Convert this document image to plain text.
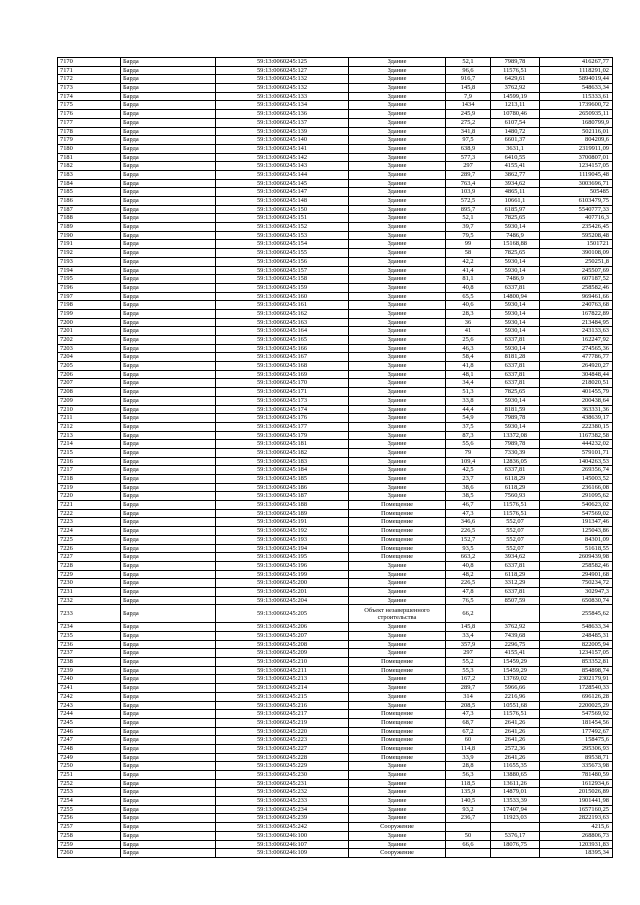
7170	Барда	59:13:0060245:125	Здание	52,1	7989,78	416267,77
7171	Барда	59:13:0060245:127	Здание	96,6	11576,51	1118291,02
7172	Барда	59:13:0060245:132	Здание	916,7	6429,61	5894019,44
7173	Барда	59:13:0060245:132	Здание	145,8	3762,92	548633,34
7174	Барда	59:13:0060245:133	Здание	7,9	14599,19	115333,61
7175	Барда	59:13:0060245:134	Здание	1434	1213,11	1739600,72
7176	Барда	59:13:0060245:136	Здание	245,9	10780,46	2650935,11
7177	Барда	59:13:0060245:137	Здание	275,2	6107,54	1680799,9
7178	Барда	59:13:0060245:139	Здание	341,8	1480,72	502116,01
7179	Барда	59:13:0060245:140	Здание	97,5	6601,37	804209,6
7180	Барда	59:13:0060245:141	Здание	638,9	3631,1	2319911,09
7181	Барда	59:13:0060245:142	Здание	577,3	6410,55	3700807,01
7182	Барда	59:13:0060245:143	Здание	297	4155,41	1234157,05
7183	Барда	59:13:0060245:144	Здание	289,7	3862,77	1119045,48
7184	Барда	59:13:0060245:145	Здание	763,4	3934,62	3003696,71
7185	Барда	59:13:0060245:147	Здание	103,9	4865,11	505485
7186	Барда	59:13:0060245:148	Здание	572,5	10661,1	6103479,75
7187	Барда	59:13:0060245:150	Здание	895,7	6185,97	5540777,33
7188	Барда	59:13:0060245:151	Здание	52,1	7825,65	407716,3
7189	Барда	59:13:0060245:152	Здание	39,7	5930,14	235426,45
7190	Барда	59:13:0060245:153	Здание	79,5	7486,9	595208,48
7191	Барда	59:13:0060245:154	Здание	99	15168,88	1501721
7192	Барда	59:13:0060245:155	Здание	58	7825,65	390108,09
7193	Барда	59:13:0060245:156	Здание	42,2	5930,14	250251,8
7194	Барда	59:13:0060245:157	Здание	41,4	5930,14	245507,69
7195	Барда	59:13:0060245:158	Здание	81,1	7486,9	607187,52
7196	Барда	59:13:0060245:159	Здание	40,8	6337,81	258582,46
7197	Барда	59:13:0060245:160	Здание	65,5	14800,94	969461,66
7198	Барда	59:13:0060245:161	Здание	40,6	5930,14	240763,68
7199	Барда	59:13:0060245:162	Здание	28,3	5930,14	167822,89
7200	Барда	59:13:0060245:163	Здание	36	5930,14	213484,95
7201	Барда	59:13:0060245:164	Здание	41	5930,14	243133,63
7202	Барда	59:13:0060245:165	Здание	25,6	6337,81	162247,92
7203	Барда	59:13:0060245:166	Здание	46,3	5930,14	274565,36
7204	Барда	59:13:0060245:167	Здание	58,4	8181,28	477786,77
7205	Барда	59:13:0060245:168	Здание	41,8	6337,81	264920,27
7206	Барда	59:13:0060245:169	Здание	48,1	6337,81	304848,44
7207	Барда	59:13:0060245:170	Здание	34,4	6337,81	218020,51
7208	Барда	59:13:0060245:171	Здание	51,3	7825,65	401455,79
7209	Барда	59:13:0060245:173	Здание	33,8	5930,14	200438,64
7210	Барда	59:13:0060245:174	Здание	44,4	8181,59	363331,36
7211	Барда	59:13:0060245:176	Здание	54,9	7989,78	438639,17
7212	Барда	59:13:0060245:177	Здание	37,5	5930,14	222380,15
7213	Барда	59:13:0060245:179	Здание	87,3	13372,08	1167382,58
7214	Барда	59:13:0060245:181	Здание	55,6	7989,78	444232,02
7215	Барда	59:13:0060245:182	Здание	79	7330,39	579101,71
7216	Барда	59:13:0060245:183	Здание	109,4	12836,05	1404263,53
7217	Барда	59:13:0060245:184	Здание	42,5	6337,81	269356,74
7218	Барда	59:13:0060245:185	Здание	23,7	6118,29	145003,52
7219	Барда	59:13:0060245:186	Здание	38,6	6118,29	236166,08
7220	Барда	59:13:0060245:187	Здание	38,5	7560,93	291095,62
7221	Барда	59:13:0060245:188	Помещение	46,7	11576,51	540623,02
7222	Барда	59:13:0060245:189	Помещение	47,3	11576,51	547569,02
7223	Барда	59:13:0060245:191	Помещение	346,6	552,07	191347,46
7224	Барда	59:13:0060245:192	Помещение	226,5	552,07	125043,86
7225	Барда	59:13:0060245:193	Помещение	152,7	552,07	84301,09
7226	Барда	59:13:0060245:194	Помещение	93,5	552,07	51618,55
7227	Барда	59:13:0060245:195	Помещение	663,2	3934,62	2609439,98
7228	Барда	59:13:0060245:196	Здание	40,8	6337,81	258582,46
7229	Барда	59:13:0060245:199	Здание	48,2	6118,29	294901,68
7230	Барда	59:13:0060245:200	Здание	226,5	3312,29	750234,72
7231	Барда	59:13:0060245:201	Здание	47,8	6337,81	302947,3
7232	Барда	59:13:0060245:204	Здание	76,5	8507,59	650830,74
7233	Барда	59:13:0060245:205	Объект незавершенного строительства	66,2		255845,62
7234	Барда	59:13:0060245:206	Здание	145,8	3762,92	548633,34
7235	Барда	59:13:0060245:207	Здание	33,4	7439,68	248485,31
7236	Барда	59:13:0060245:208	Здание	357,9	2296,75	822005,94
7237	Барда	59:13:0060245:209	Здание	297	4155,41	1234157,05
7238	Барда	59:13:0060245:210	Помещение	55,2	15459,29	853352,81
7239	Барда	59:13:0060245:211	Помещение	55,3	15459,29	854898,74
7240	Барда	59:13:0060245:213	Здание	167,2	13769,02	2302179,91
7241	Барда	59:13:0060245:214	Здание	289,7	5966,66	1728540,33
7242	Барда	59:13:0060245:215	Здание	314	2216,96	696126,28
7243	Барда	59:13:0060245:216	Здание	208,5	10551,68	2200025,29
7244	Барда	59:13:0060245:217	Помещение	47,3	11576,51	547569,92
7245	Барда	59:13:0060245:219	Помещение	68,7	2641,26	181454,56
7246	Барда	59:13:0060245:220	Помещение	67,2	2641,26	177492,67
7247	Барда	59:13:0060245:223	Помещение	60	2641,26	158475,6
7248	Барда	59:13:0060245:227	Помещение	114,8	2572,36	295306,93
7249	Барда	59:13:0060245:228	Помещение	33,9	2641,26	89538,71
7250	Барда	59:13:0060245:229	Здание	28,8	11655,35	335673,98
7251	Барда	59:13:0060245:230	Здание	56,3	13880,65	781480,59
7252	Барда	59:13:0060245:231	Здание	118,5	13611,26	1612934,6
7253	Барда	59:13:0060245:232	Здание	135,9	14879,01	2015026,89
7254	Барда	59:13:0060245:233	Здание	140,5	13533,39	1901441,98
7255	Барда	59:13:0060245:234	Здание	93,2	17407,94	1657160,25
7256	Барда	59:13:0060245:239	Здание	236,7	11923,03	2822193,63
7257	Барда	59:13:0060245:242	Сооружение			4215,6
7258	Барда	59:13:0060246:100	Здание	50	5376,17	268806,73
7259	Барда	59:13:0060246:107	Здание	66,6	18076,75	1203931,83
7260	Барда	59:13:0060246:109	Сооружение			18395,34
